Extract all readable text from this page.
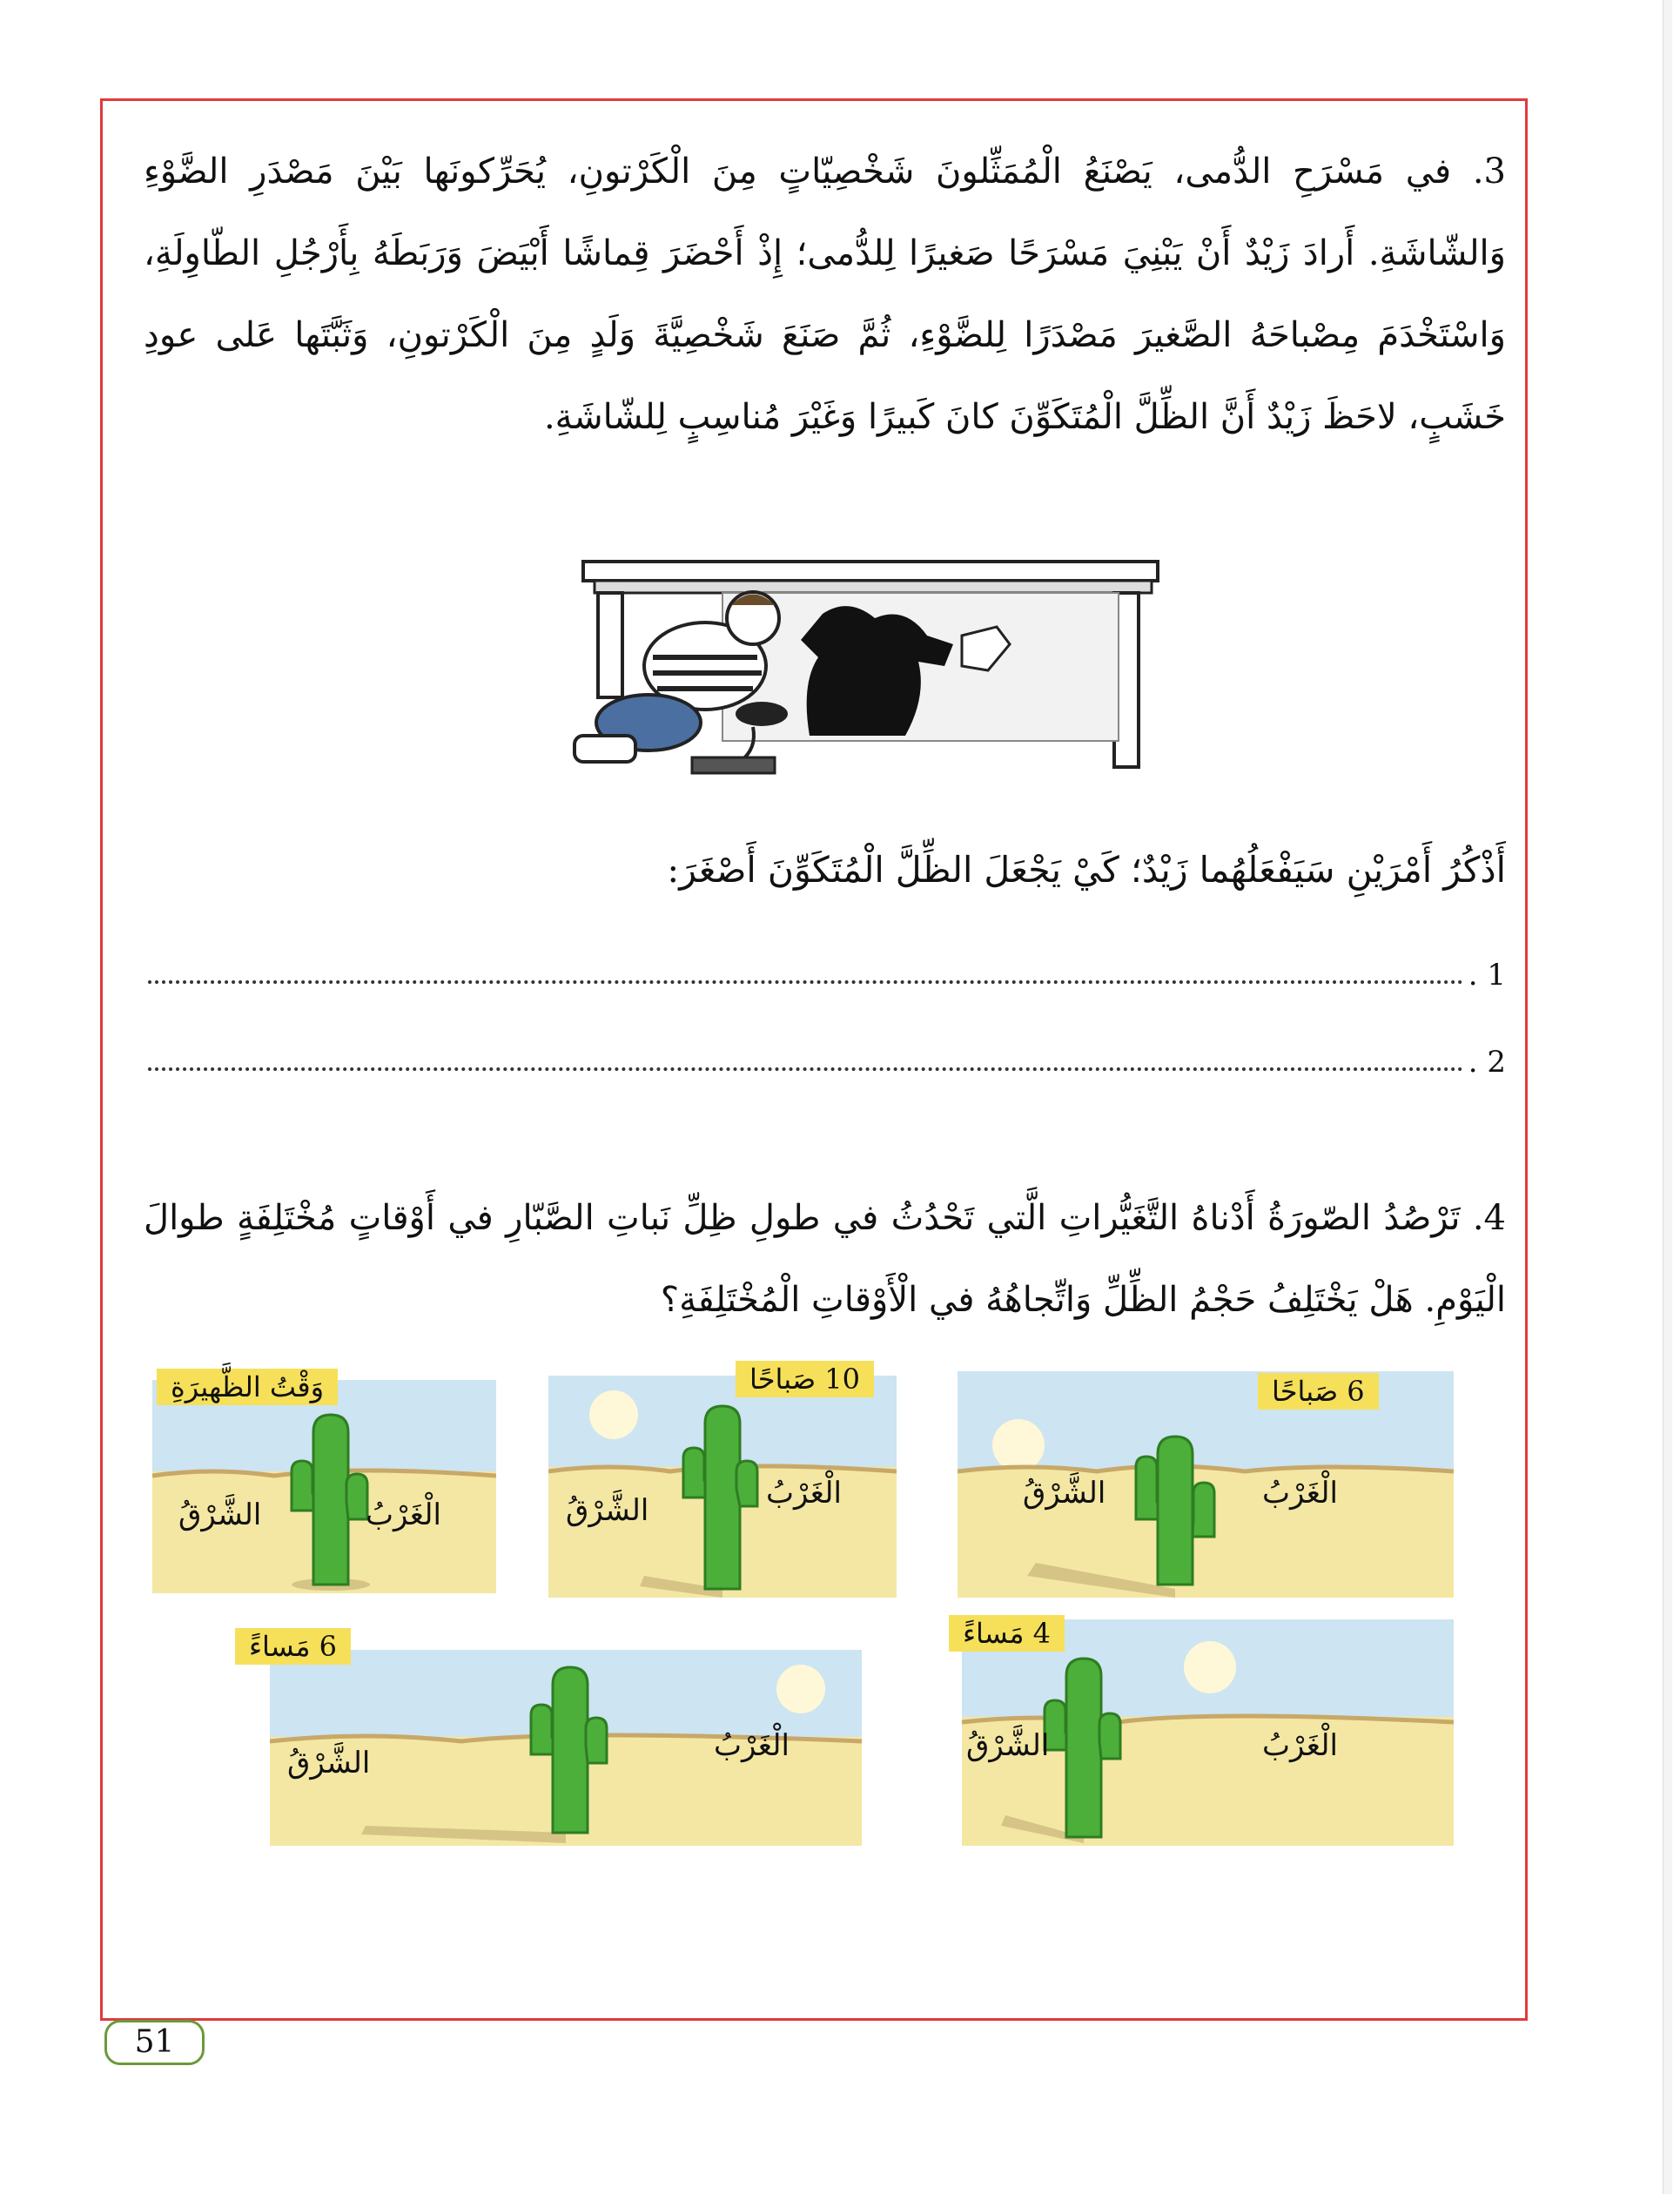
3. في مَسْرَحِ الدُّمى، يَصْنَعُ الْمُمَثِّلونَ شَخْصِيّاتٍ مِنَ الْكَرْتونِ، يُحَرِّكونَها بَيْنَ مَصْدَرِ الضَّوْءِ وَالشّاشَةِ. أَرادَ زَيْدٌ أَنْ يَبْنِيَ مَسْرَحًا صَغيرًا لِلدُّمى؛ إِذْ أَحْضَرَ قِماشًا أَبْيَضَ وَرَبَطَهُ بِأَرْجُلِ الطّاوِلَةِ، وَاسْتَخْدَمَ مِصْباحَهُ الصَّغيرَ مَصْدَرًا لِلضَّوْءِ، ثُمَّ صَنَعَ شَخْصِيَّةَ وَلَدٍ مِنَ الْكَرْتونِ، وَثَبَّتَها عَلى عودِ خَشَبٍ، لاحَظَ زَيْدٌ أَنَّ الظِّلَّ الْمُتَكَوِّنَ كانَ كَبيرًا وَغَيْرَ مُناسِبٍ لِلشّاشَةِ.

أَذْكُرُ أَمْرَيْنِ سَيَفْعَلُهُما زَيْدٌ؛ كَيْ يَجْعَلَ الظِّلَّ الْمُتَكَوِّنَ أَصْغَرَ:
1 .
2 .

4. تَرْصُدُ الصّورَةُ أَدْناهُ التَّغَيُّراتِ الَّتي تَحْدُثُ في طولِ ظِلِّ نَباتِ الصَّبّارِ في أَوْقاتٍ مُخْتَلِفَةٍ طوالَ الْيَوْمِ. هَلْ يَخْتَلِفُ حَجْمُ الظِّلِّ وَاتِّجاهُهُ في الْأَوْقاتِ الْمُخْتَلِفَةِ؟

6 صَباحًا
الْغَرْبُ
الشَّرْقُ
10 صَباحًا
الْغَرْبُ
الشَّرْقُ
وَقْتُ الظَّهيرَةِ
الْغَرْبُ
الشَّرْقُ
4 مَساءً
الْغَرْبُ
الشَّرْقُ
6 مَساءً
الْغَرْبُ
الشَّرْقُ
51
